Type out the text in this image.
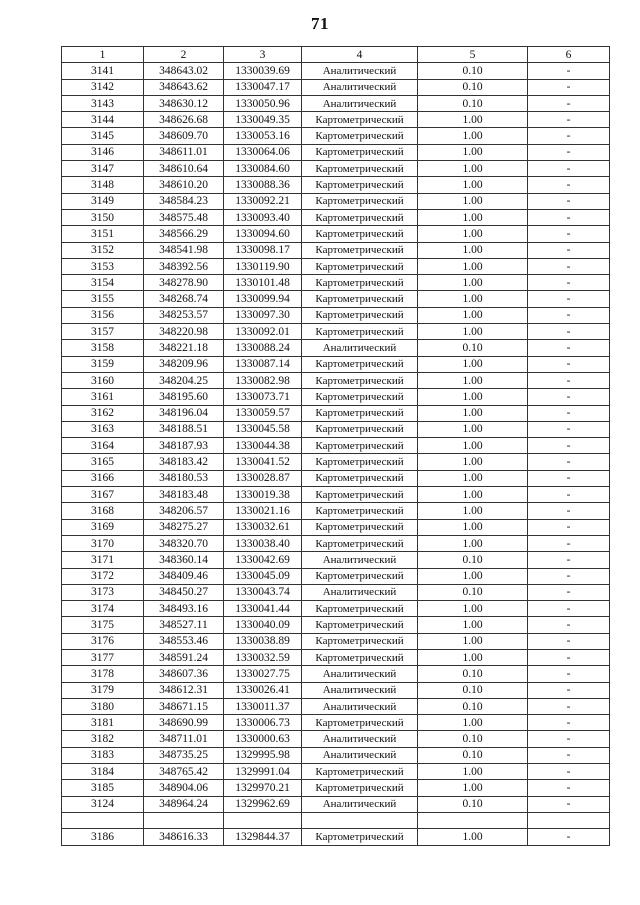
71
1	2	3	4	5	6
3141	348643.02	1330039.69	Аналитический	0.10	-
3142	348643.62	1330047.17	Аналитический	0.10	-
3143	348630.12	1330050.96	Аналитический	0.10	-
3144	348626.68	1330049.35	Картометрический	1.00	-
3145	348609.70	1330053.16	Картометрический	1.00	-
3146	348611.01	1330064.06	Картометрический	1.00	-
3147	348610.64	1330084.60	Картометрический	1.00	-
3148	348610.20	1330088.36	Картометрический	1.00	-
3149	348584.23	1330092.21	Картометрический	1.00	-
3150	348575.48	1330093.40	Картометрический	1.00	-
3151	348566.29	1330094.60	Картометрический	1.00	-
3152	348541.98	1330098.17	Картометрический	1.00	-
3153	348392.56	1330119.90	Картометрический	1.00	-
3154	348278.90	1330101.48	Картометрический	1.00	-
3155	348268.74	1330099.94	Картометрический	1.00	-
3156	348253.57	1330097.30	Картометрический	1.00	-
3157	348220.98	1330092.01	Картометрический	1.00	-
3158	348221.18	1330088.24	Аналитический	0.10	-
3159	348209.96	1330087.14	Картометрический	1.00	-
3160	348204.25	1330082.98	Картометрический	1.00	-
3161	348195.60	1330073.71	Картометрический	1.00	-
3162	348196.04	1330059.57	Картометрический	1.00	-
3163	348188.51	1330045.58	Картометрический	1.00	-
3164	348187.93	1330044.38	Картометрический	1.00	-
3165	348183.42	1330041.52	Картометрический	1.00	-
3166	348180.53	1330028.87	Картометрический	1.00	-
3167	348183.48	1330019.38	Картометрический	1.00	-
3168	348206.57	1330021.16	Картометрический	1.00	-
3169	348275.27	1330032.61	Картометрический	1.00	-
3170	348320.70	1330038.40	Картометрический	1.00	-
3171	348360.14	1330042.69	Аналитический	0.10	-
3172	348409.46	1330045.09	Картометрический	1.00	-
3173	348450.27	1330043.74	Аналитический	0.10	-
3174	348493.16	1330041.44	Картометрический	1.00	-
3175	348527.11	1330040.09	Картометрический	1.00	-
3176	348553.46	1330038.89	Картометрический	1.00	-
3177	348591.24	1330032.59	Картометрический	1.00	-
3178	348607.36	1330027.75	Аналитический	0.10	-
3179	348612.31	1330026.41	Аналитический	0.10	-
3180	348671.15	1330011.37	Аналитический	0.10	-
3181	348690.99	1330006.73	Картометрический	1.00	-
3182	348711.01	1330000.63	Аналитический	0.10	-
3183	348735.25	1329995.98	Аналитический	0.10	-
3184	348765.42	1329991.04	Картометрический	1.00	-
3185	348904.06	1329970.21	Картометрический	1.00	-
3124	348964.24	1329962.69	Аналитический	0.10	-

3186	348616.33	1329844.37	Картометрический	1.00	-
